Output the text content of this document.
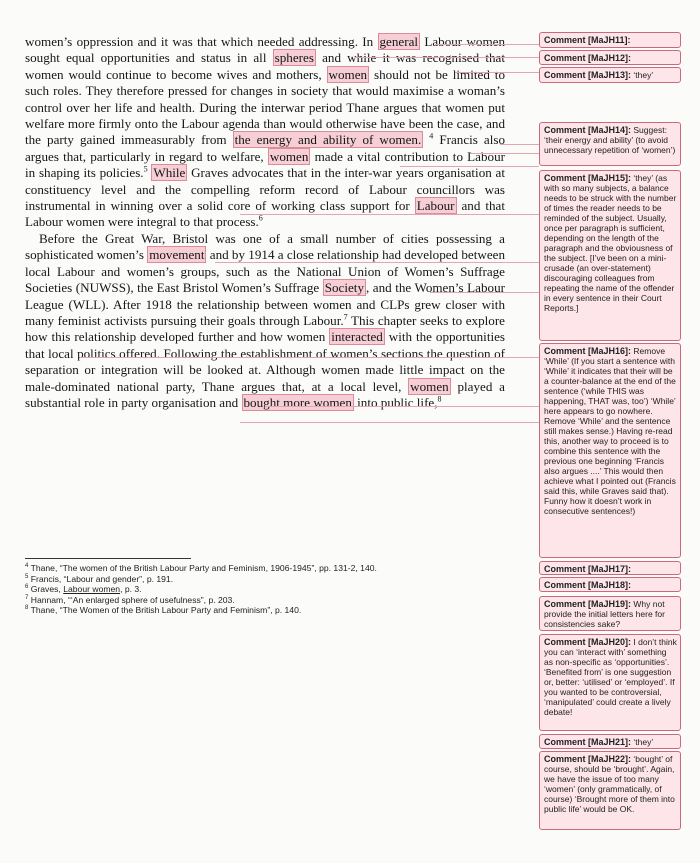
women’s oppression and it was that which needed addressing. In general Labour women sought equal opportunities and status in all spheres and while it was recognised that women would continue to become wives and mothers, women should not be limited to such roles. They therefore pressed for changes in society that would maximise a woman’s control over her life and health. During the interwar period Thane argues that women put welfare more firmly onto the Labour agenda than would otherwise have been the case, and the party gained immeasurably from the energy and ability of women. $^4$ Francis also argues that, particularly in regard to welfare, women made a vital contribution to Labour in shaping its policies.$^5$ While Graves advocates that in the inter-war years organisation at constituency level and the compelling reform record of Labour councillors was instrumental in winning over a solid core of working class support for Labour and that Labour women were integral to that process.$^6$

Before the Great War, Bristol was one of a small number of cities possessing a sophisticated women’s movement and by 1914 a close relationship had developed between local Labour and women’s groups, such as the National Union of Women’s Suffrage Societies (NUWSS), the East Bristol Women’s Suffrage Society , and the Women’s Labour League (WLL). After 1918 the relationship between women and CLPs grew closer with many feminist activists pursuing their goals through Labour.$^7$ This chapter seeks to explore how this relationship developed further and how women interacted with the opportunities that local politics offered. Following the establishment of women’s sections the question of separation or integration will be looked at. Although women made little impact on the male-dominated national party, Thane argues that, at a local level, women played a substantial role in party organisation and bought more women into public life,$^8$

$^4$ Thane, “The women of the British Labour Party and Feminism, 1906-1945”, pp. 131-2, 140.
$^5$ Francis, “Labour and gender”, p. 191.
$^6$ Graves, Labour women, p. 3.
$^7$ Hannam, “‘An enlarged sphere of usefulness”, p. 203.
$^8$ Thane, “The Women of the British Labour Party and Feminism”, p. 140.
Comment [MaJH11]:
Comment [MaJH12]:
Comment [MaJH13]: ‘they’
Comment [MaJH14]: Suggest: ‘their energy and ability’ (to avoid unnecessary repetition of ‘women’)
Comment [MaJH15]: ‘they’ (as with so many subjects, a balance needs to be struck with the number of times the reader needs to be reminded of the subject. Usually, once per paragraph is sufficient, depending on the length of the paragraph and the obviousness of the subject. [I’ve been on a mini-crusade (an over-statement) discouraging colleagues from repeating the name of the offender in every sentence in their Court Reports.]
Comment [MaJH16]: Remove ‘While’ (If you start a sentence with ‘While’ it indicates that their will be a counter-balance at the end of the sentence (‘while THIS was happening, THAT was, too’) ‘While’ here appears to go nowhere. Remove ‘While’ and the sentence still makes sense.) Having re-read this, another way to proceed is to combine this sentence with the previous one beginning ‘Francis also argues ....’ This would then achieve what I pointed out (Francis said this, while Graves said that). Funny how it doesn’t work in consecutive sentences!)
Comment [MaJH17]:
Comment [MaJH18]:
Comment [MaJH19]: Why not provide the initial letters here for consistencies sake?
Comment [MaJH20]: I don’t think you can ‘interact with’ something as non-specific as ‘opportunities’. ‘Benefited from’ is one suggestion or, better: ‘utilised’ or ‘employed’. If you wanted to be controversial, ‘manipulated’ could create a lively debate!
Comment [MaJH21]: ‘they’
Comment [MaJH22]: ‘bought’ of course, should be ‘brought’. Again, we have the issue of too many ‘women’ (only grammatically, of course) ‘Brought more of them into public life’ would be OK.
